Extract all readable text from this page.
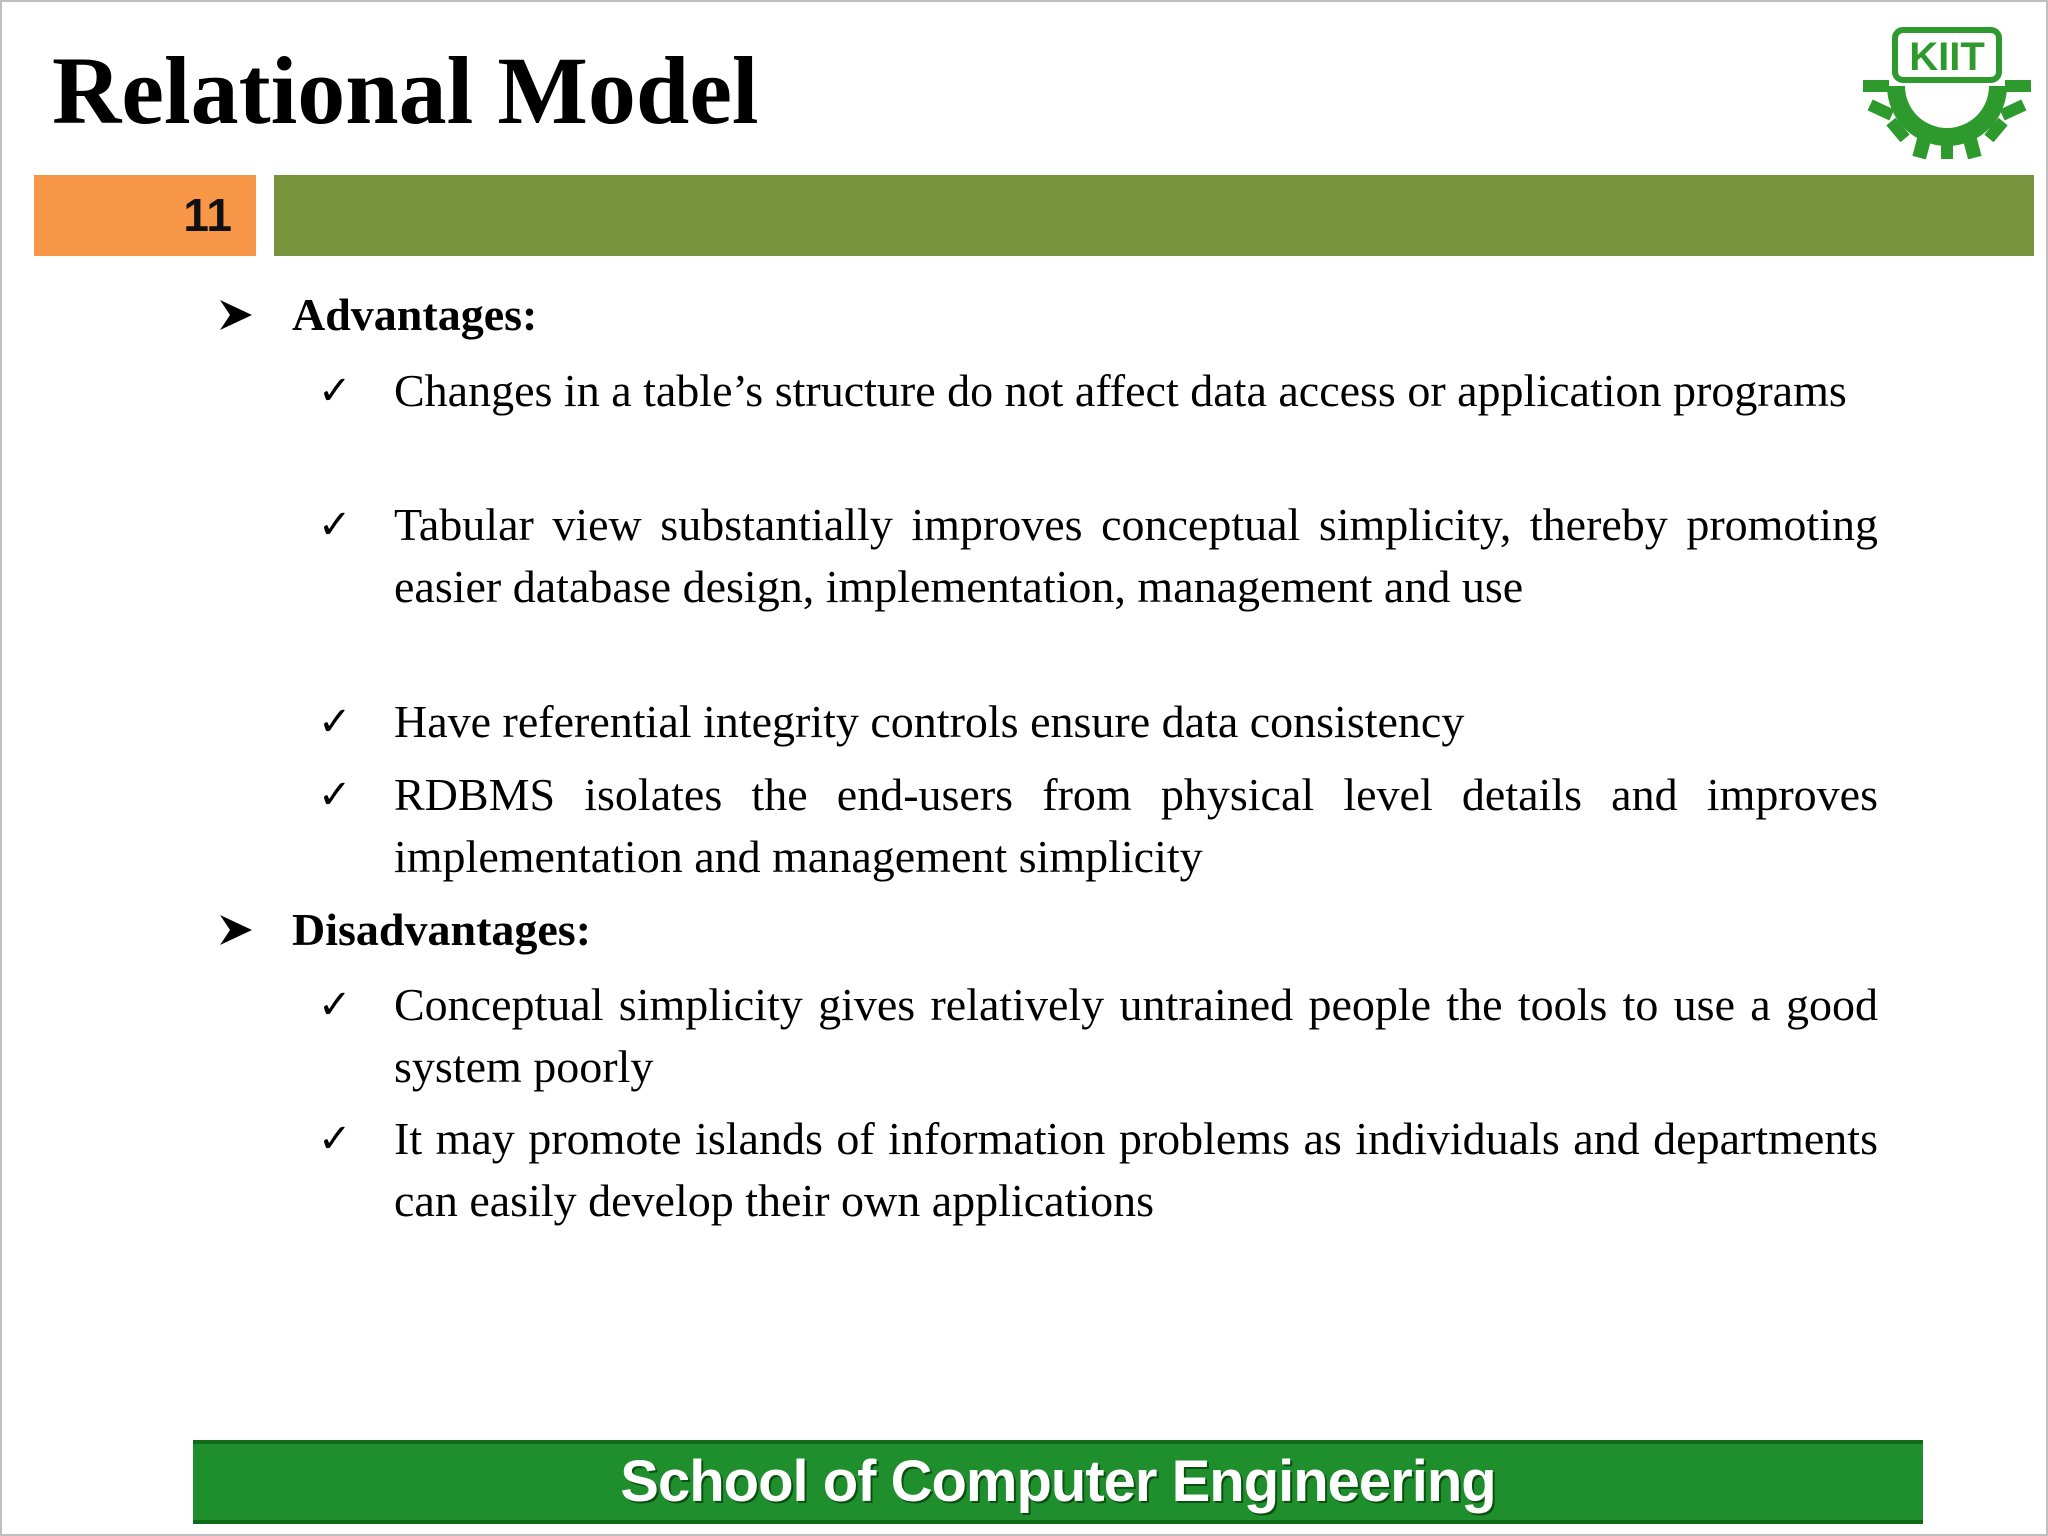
Relational Model	KIIT
11
Advantages:
✓ Changes in a table’s structure do not affect data access or application programs
✓ Tabular view substantially improves conceptual simplicity, thereby promoting easier database design, implementation, management and use
✓ Have referential integrity controls ensure data consistency
✓ RDBMS isolates the end-users from physical level details and improves implementation and management simplicity
Disadvantages:
✓ Conceptual simplicity gives relatively untrained people the tools to use a good system poorly
✓ It may promote islands of information problems as individuals and departments can easily develop their own applications
School of Computer Engineering
